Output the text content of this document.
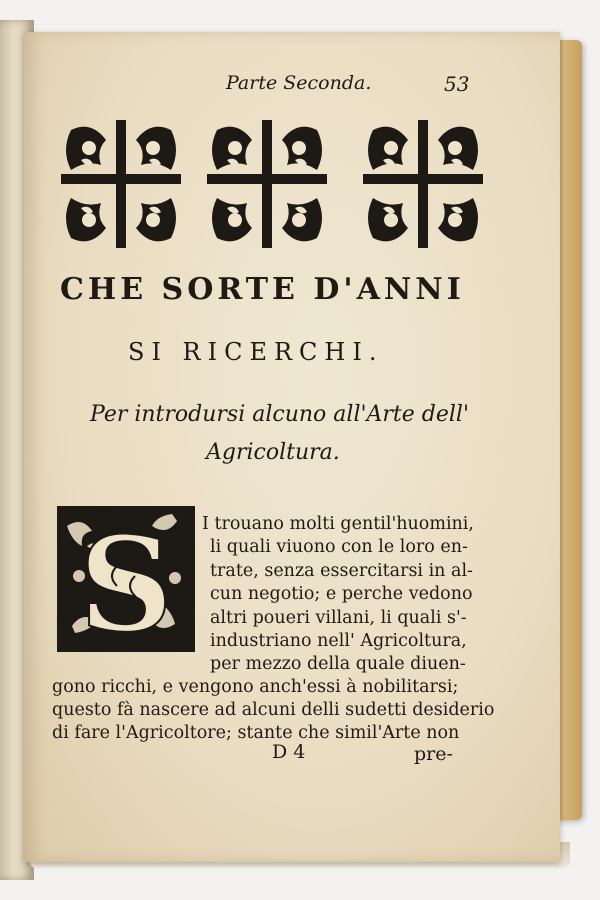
Parte Seconda.	53
CHE SORTE D'ANNI
SI RICERCHI.
Per introdursi alcuno all'Arte dell'
Agricoltura.
S I trouano molti gentil'huomini,
li quali viuono con le loro en-
trate, senza essercitarsi in al-
cun negotio; e perche vedono
altri poueri villani, li quali s'-
industriano nell' Agricoltura,
per mezzo della quale diuen-
gono ricchi, e vengono anch'essi à nobilitarsi;
questo fà nascere ad alcuni delli sudetti desiderio
di fare l'Agricoltore; stante che simil'Arte non
D 4	pre-
